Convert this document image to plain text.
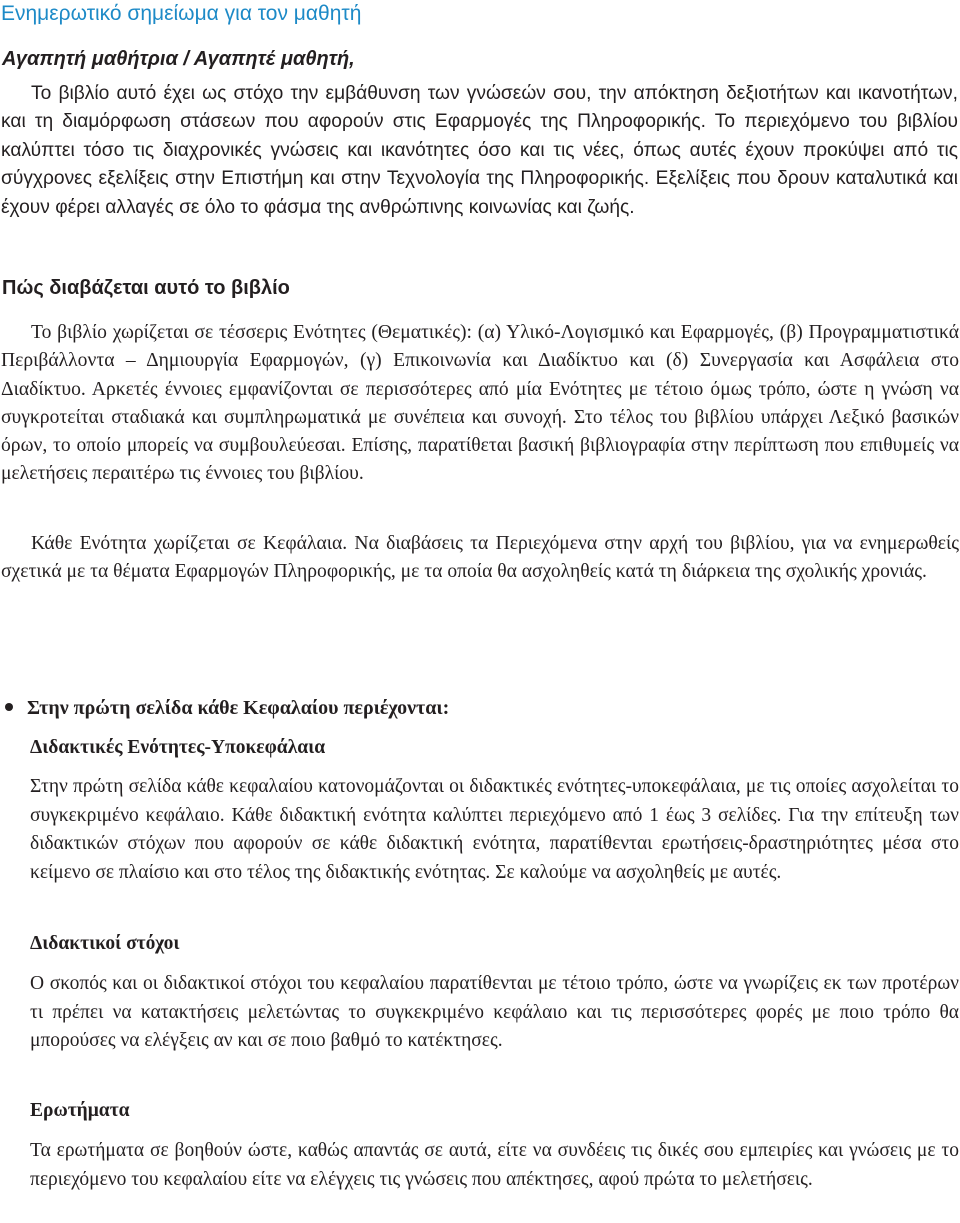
Ενημερωτικό σημείωμα για τον μαθητή
Αγαπητή μαθήτρια / Αγαπητέ μαθητή,

Το βιβλίο αυτό έχει ως στόχο την εμβάθυνση των γνώσεών σου, την απόκτηση δεξιοτήτων και ικανοτήτων, και τη διαμόρφωση στάσεων που αφορούν στις Εφαρμογές της Πληροφορικής. Το περιεχόμενο του βιβλίου καλύπτει τόσο τις διαχρονικές γνώσεις και ικανότητες όσο και τις νέες, όπως αυτές έχουν προκύψει από τις σύγχρονες εξελίξεις στην Επιστήμη και στην Τεχνολογία της Πληροφορικής. Εξελίξεις που δρουν καταλυτικά και έχουν φέρει αλλαγές σε όλο το φάσμα της ανθρώπινης κοινωνίας και ζωής.

Πώς διαβάζεται αυτό το βιβλίο

Το βιβλίο χωρίζεται σε τέσσερις Ενότητες (Θεματικές): (α) Υλικό-Λογισμικό και Εφαρμογές, (β) Προγραμματιστικά Περιβάλλοντα – Δημιουργία Εφαρμογών, (γ) Επικοινωνία και Διαδίκτυο και (δ) Συνεργασία και Ασφάλεια στο Διαδίκτυο. Αρκετές έννοιες εμφανίζονται σε περισσότερες από μία Ενότητες με τέτοιο όμως τρόπο, ώστε η γνώση να συγκροτείται σταδιακά και συμπληρωματικά με συνέπεια και συνοχή. Στο τέλος του βιβλίου υπάρχει Λεξικό βασικών όρων, το οποίο μπορείς να συμβουλεύεσαι. Επίσης, παρατίθεται βασική βιβλιογραφία στην περίπτωση που επιθυμείς να μελετήσεις περαιτέρω τις έννοιες του βιβλίου.

Κάθε Ενότητα χωρίζεται σε Κεφάλαια. Να διαβάσεις τα Περιεχόμενα στην αρχή του βιβλίου, για να ενημερωθείς σχετικά με τα θέματα Εφαρμογών Πληροφορικής, με τα οποία θα ασχοληθείς κατά τη διάρκεια της σχολικής χρονιάς.

Στην πρώτη σελίδα κάθε Κεφαλαίου περιέχονται:
Διδακτικές Ενότητες-Υποκεφάλαια

Στην πρώτη σελίδα κάθε κεφαλαίου κατονομάζονται οι διδακτικές ενότητες-υποκεφάλαια, με τις οποίες ασχολείται το συγκεκριμένο κεφάλαιο. Κάθε διδακτική ενότητα καλύπτει περιεχόμενο από 1 έως 3 σελίδες. Για την επίτευξη των διδακτικών στόχων που αφορούν σε κάθε διδακτική ενότητα, παρατίθενται ερωτήσεις-δραστηριότητες μέσα στο κείμενο σε πλαίσιο και στο τέλος της διδακτικής ενότητας. Σε καλούμε να ασχοληθείς με αυτές.

Διδακτικοί στόχοι

Ο σκοπός και οι διδακτικοί στόχοι του κεφαλαίου παρατίθενται με τέτοιο τρόπο, ώστε να γνωρίζεις εκ των προτέρων τι πρέπει να κατακτήσεις μελετώντας το συγκεκριμένο κεφάλαιο και τις περισσότερες φορές με ποιο τρόπο θα μπορούσες να ελέγξεις αν και σε ποιο βαθμό το κατέκτησες.

Ερωτήματα

Τα ερωτήματα σε βοηθούν ώστε, καθώς απαντάς σε αυτά, είτε να συνδέεις τις δικές σου εμπειρίες και γνώσεις με το περιεχόμενο του κεφαλαίου είτε να ελέγχεις τις γνώσεις που απέκτησες, αφού πρώτα το μελετήσεις.
